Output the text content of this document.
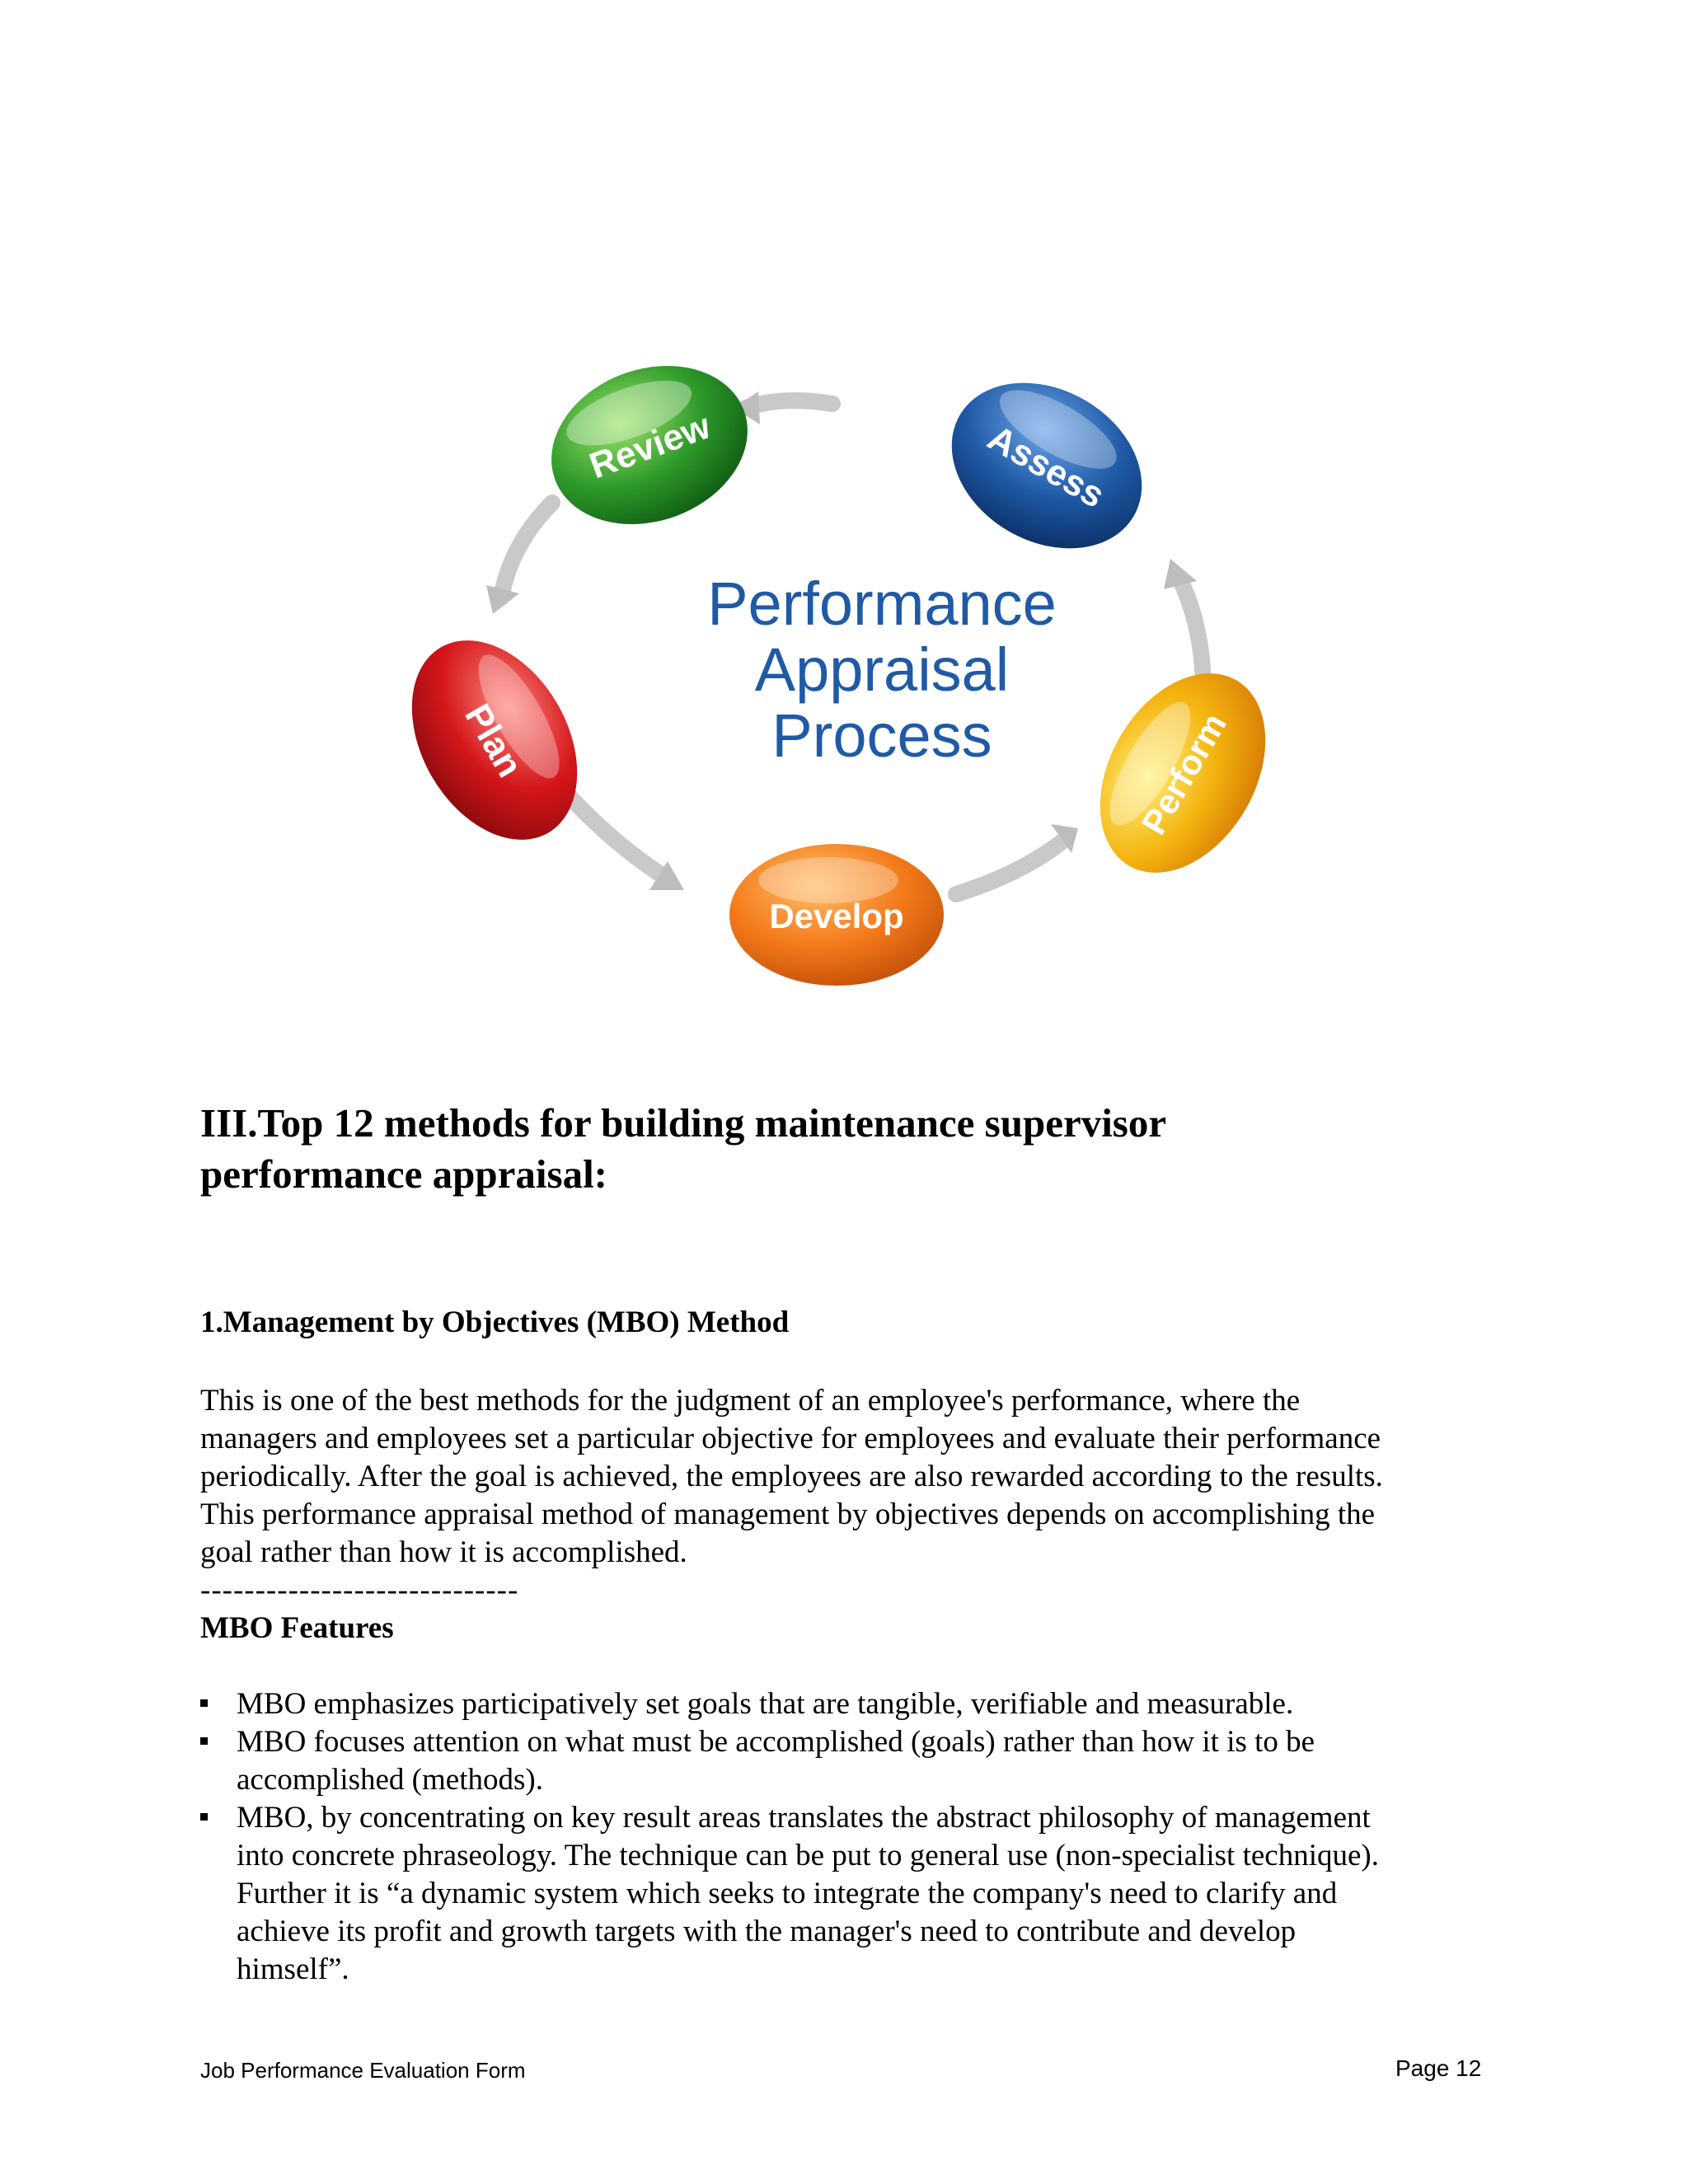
Review	Assess
Perform
Develop
Plan
Performance
Appraisal
Process
III.Top 12 methods for building maintenance supervisor
performance appraisal:
1.Management by Objectives (MBO) Method

This is one of the best methods for the judgment of an employee's performance, where the
managers and employees set a particular objective for employees and evaluate their performance
periodically. After the goal is achieved, the employees are also rewarded according to the results.
This performance appraisal method of management by objectives depends on accomplishing the
goal rather than how it is accomplished.

-----------------------------
MBO Features
MBO emphasizes participatively set goals that are tangible, verifiable and measurable.
MBO focuses attention on what must be accomplished (goals) rather than how it is to be
accomplished (methods).
MBO, by concentrating on key result areas translates the abstract philosophy of management
into concrete phraseology. The technique can be put to general use (non-specialist technique).
Further it is “a dynamic system which seeks to integrate the company's need to clarify and
achieve its profit and growth targets with the manager's need to contribute and develop
himself”.
Job Performance Evaluation Form	Page 12
